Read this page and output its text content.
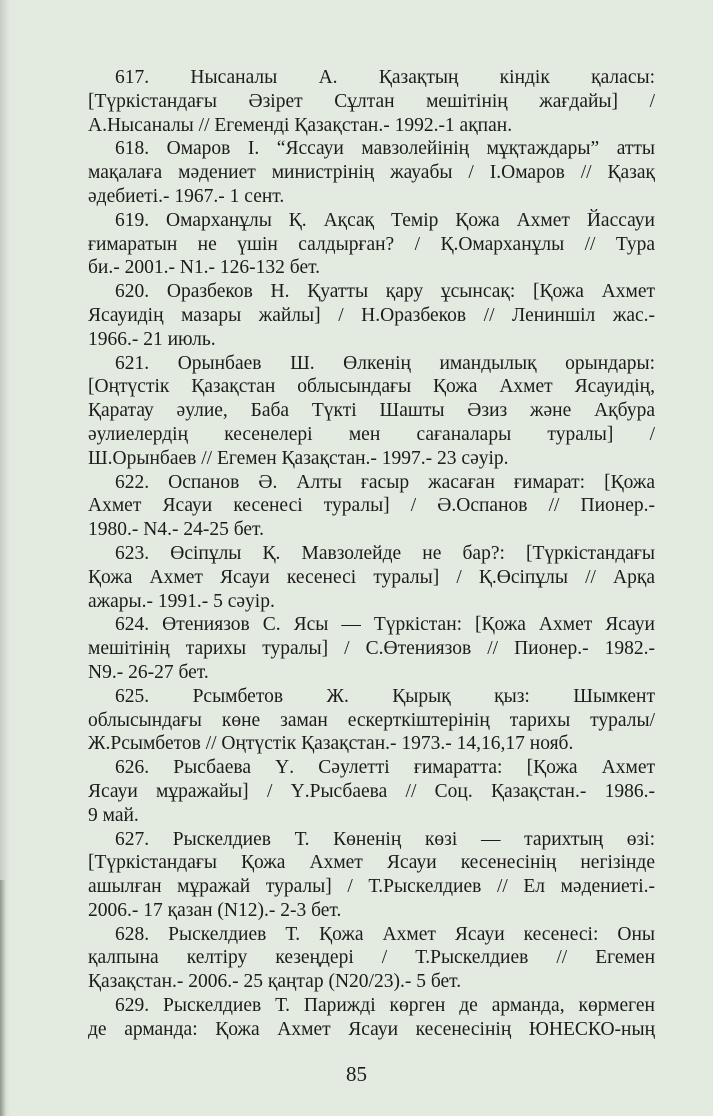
617. Нысаналы А. Қазақтың кіндік қаласы:
[Түркістандағы Әзірет Сұлтан мешітінің жағдайы] /
А.Нысаналы // Егеменді Қазақстан.- 1992.-1 ақпан.
618. Омаров І. “Яссауи мавзолейінің мұқтаждары” атты
мақалаға мәдениет министрінің жауабы / І.Омаров // Қазақ
әдебиеті.- 1967.- 1 сент.
619. Омарханұлы Қ. Ақсақ Темір Қожа Ахмет Йассауи
ғимаратын не үшін салдырған? / Қ.Омарханұлы // Тура
би.- 2001.- N1.- 126-132 бет.
620. Оразбеков Н. Қуатты қару ұсынсақ: [Қожа Ахмет
Ясауидің мазары жайлы] / Н.Оразбеков // Лениншіл жас.-
1966.- 21 июль.
621. Орынбаев Ш. Өлкенің имандылық орындары:
[Оңтүстік Қазақстан облысындағы Қожа Ахмет Ясауидің,
Қаратау әулие, Баба Түкті Шашты Әзиз және Ақбура
әулиелердің кесенелері мен сағаналары туралы] /
Ш.Орынбаев // Егемен Қазақстан.- 1997.- 23 сәуір.
622. Оспанов Ә. Алты ғасыр жасаған ғимарат: [Қожа
Ахмет Ясауи кесенесі туралы] / Ә.Оспанов // Пионер.-
1980.- N4.- 24-25 бет.
623. Өсіпұлы Қ. Мавзолейде не бар?: [Түркістандағы
Қожа Ахмет Ясауи кесенесі туралы] / Қ.Өсіпұлы // Арқа
ажары.- 1991.- 5 сәуір.
624. Өтениязов С. Ясы — Түркістан: [Қожа Ахмет Ясауи
мешітінің тарихы туралы] / С.Өтениязов // Пионер.- 1982.-
N9.- 26-27 бет.
625. Рсымбетов Ж. Қырық қыз: Шымкент
облысындағы көне заман ескерткіштерінің тарихы туралы/
Ж.Рсымбетов // Оңтүстік Қазақстан.- 1973.- 14,16,17 нояб.
626. Рысбаева Ү. Сәулетті ғимаратта: [Қожа Ахмет
Ясауи мұражайы] / Ү.Рысбаева // Соц. Қазақстан.- 1986.-
9 май.
627. Рыскелдиев Т. Көненің көзі — тарихтың өзі:
[Түркістандағы Қожа Ахмет Ясауи кесенесінің негізінде
ашылған мұражай туралы] / Т.Рыскелдиев // Ел мәдениеті.-
2006.- 17 қазан (N12).- 2-3 бет.
628. Рыскелдиев Т. Қожа Ахмет Ясауи кесенесі: Оны
қалпына келтіру кезеңдері / Т.Рыскелдиев // Егемен
Қазақстан.- 2006.- 25 қаңтар (N20/23).- 5 бет.
629. Рыскелдиев Т. Парижді көрген де арманда, көрмеген
де арманда: Қожа Ахмет Ясауи кесенесінің ЮНЕСКО-ның
85
